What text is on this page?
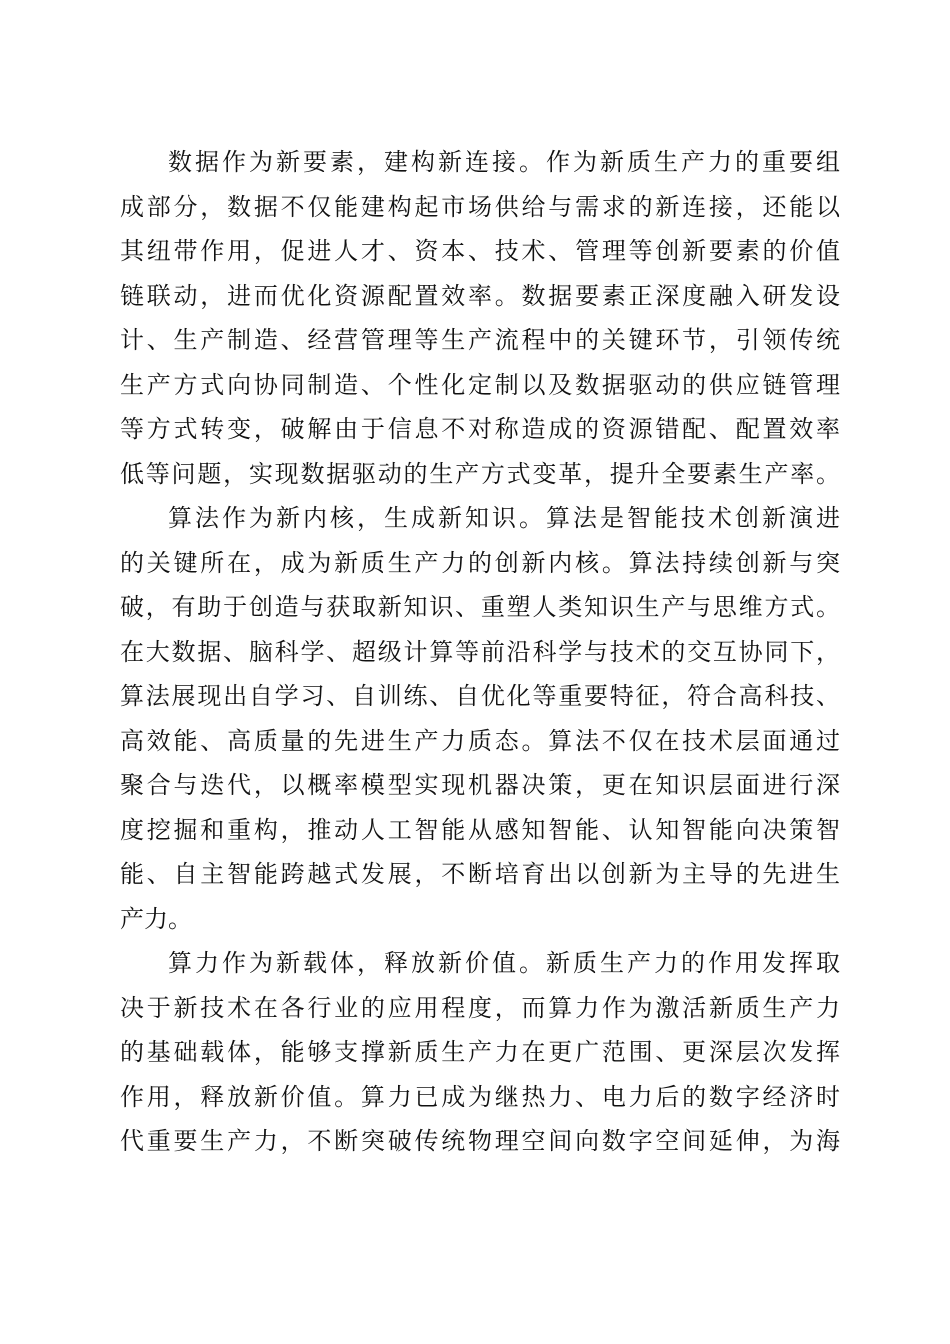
数据作为新要素，建构新连接。作为新质生产力的重要组
成部分，数据不仅能建构起市场供给与需求的新连接，还能以
其纽带作用，促进人才、资本、技术、管理等创新要素的价值
链联动，进而优化资源配置效率。数据要素正深度融入研发设
计、生产制造、经营管理等生产流程中的关键环节，引领传统
生产方式向协同制造、个性化定制以及数据驱动的供应链管理
等方式转变，破解由于信息不对称造成的资源错配、配置效率
低等问题，实现数据驱动的生产方式变革，提升全要素生产率。
算法作为新内核，生成新知识。算法是智能技术创新演进
的关键所在，成为新质生产力的创新内核。算法持续创新与突
破，有助于创造与获取新知识、重塑人类知识生产与思维方式。
在大数据、脑科学、超级计算等前沿科学与技术的交互协同下，
算法展现出自学习、自训练、自优化等重要特征，符合高科技、
高效能、高质量的先进生产力质态。算法不仅在技术层面通过
聚合与迭代，以概率模型实现机器决策，更在知识层面进行深
度挖掘和重构，推动人工智能从感知智能、认知智能向决策智
能、自主智能跨越式发展，不断培育出以创新为主导的先进生
产力。
算力作为新载体，释放新价值。新质生产力的作用发挥取
决于新技术在各行业的应用程度，而算力作为激活新质生产力
的基础载体，能够支撑新质生产力在更广范围、更深层次发挥
作用，释放新价值。算力已成为继热力、电力后的数字经济时
代重要生产力，不断突破传统物理空间向数字空间延伸，为海
